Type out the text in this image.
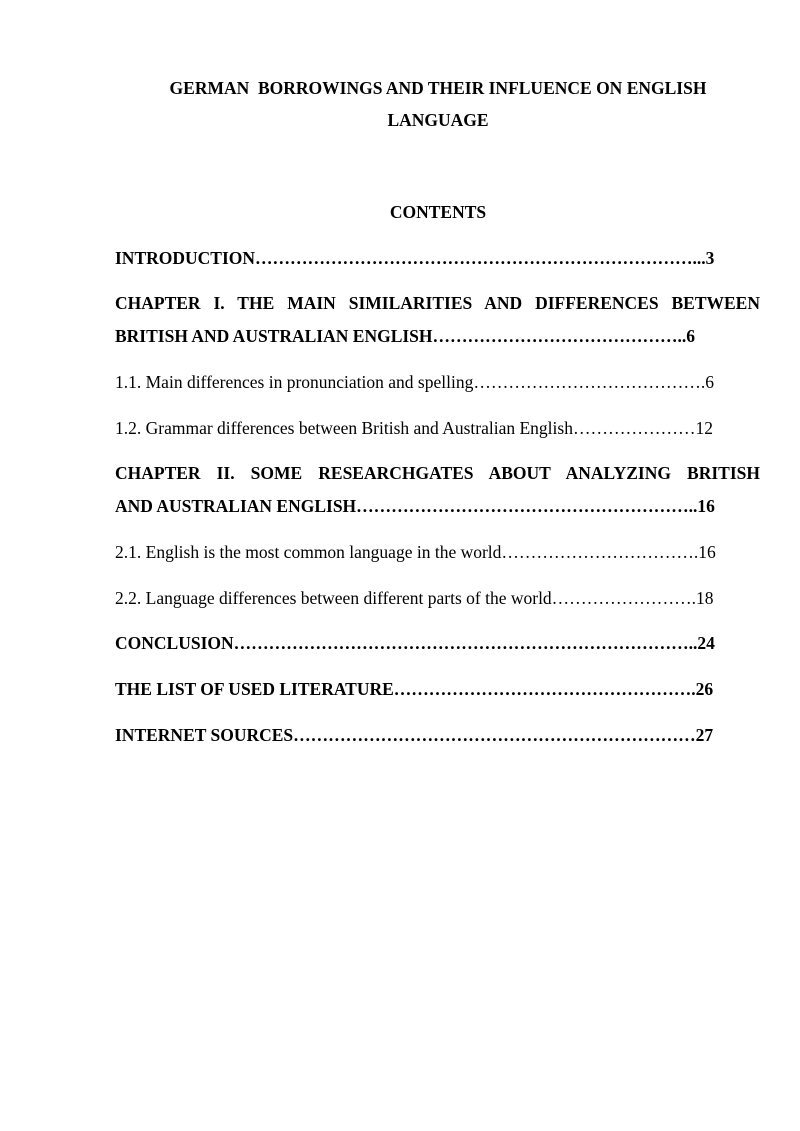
GERMAN  BORROWINGS AND THEIR INFLUENCE ON ENGLISH
LANGUAGE
CONTENTS
INTRODUCTION…………………………………………………………………...3
CHAPTER I. THE MAIN SIMILARITIES AND DIFFERENCES BETWEEN
BRITISH AND AUSTRALIAN ENGLISH……………………………………..6
1.1. Main differences in pronunciation and spelling………………………………….6
1.2. Grammar differences between British and Australian English…………………12
CHAPTER II. SOME RESEARCHGATES ABOUT ANALYZING BRITISH
AND AUSTRALIAN ENGLISH…………………………………………………..16
2.1. English is the most common language in the world…………………………….16
2.2. Language differences between different parts of the world…………………….18
CONCLUSION……………………………………………………………………..24
THE LIST OF USED LITERATURE…………………………………………….26
INTERNET SOURCES……………………………………………………………27
